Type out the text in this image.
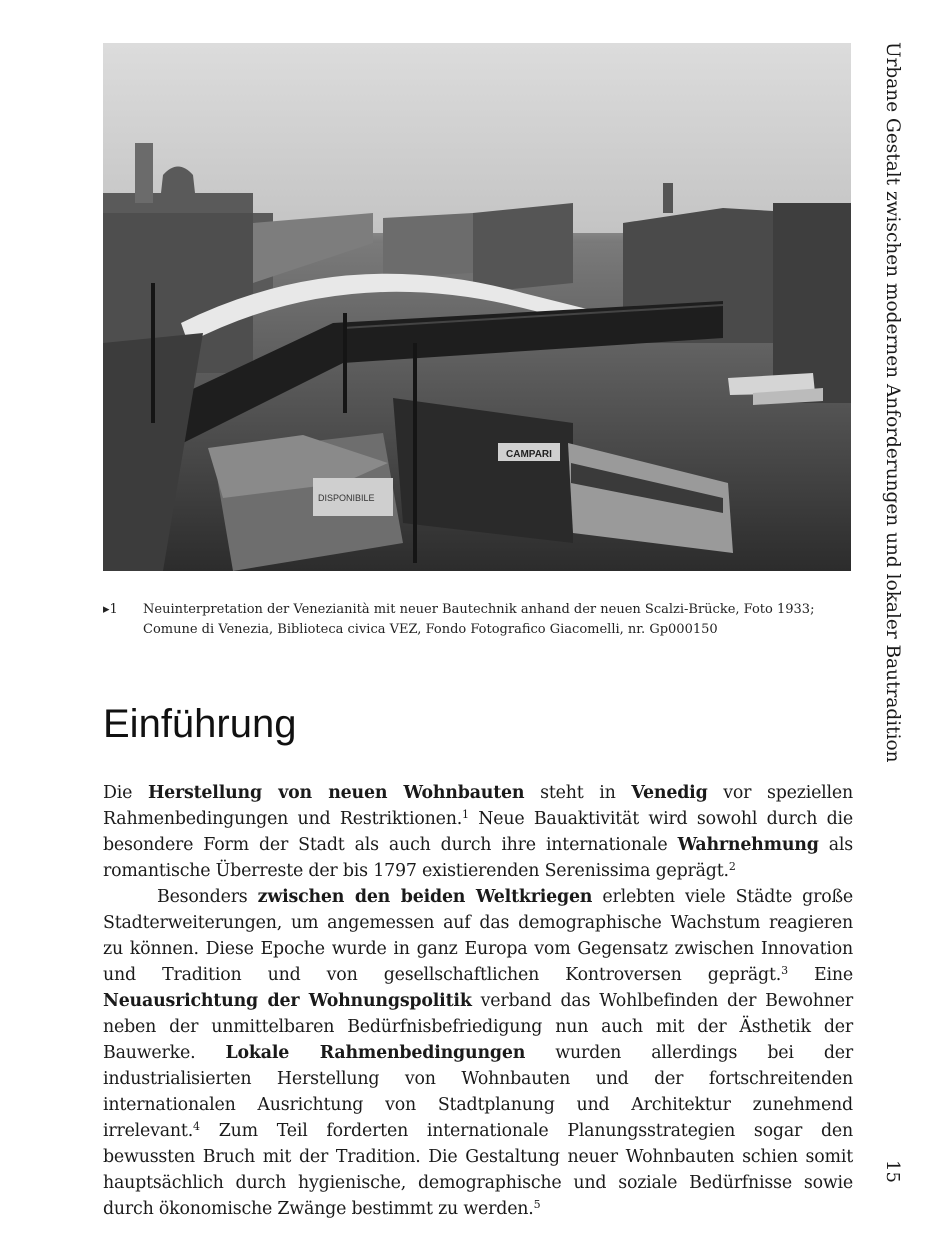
CAMPARI
DISPONIBILE
▸1	Neuinterpretation der Venezianità mit neuer Bautechnik anhand der neuen Scalzi-Brücke, Foto 1933;
Comune di Venezia, Biblioteca civica VEZ, Fondo Fotografico Giacomelli, nr. Gp000150
Einführung

Die Herstellung von neuen Wohnbauten steht in Venedig vor speziellen Rahmenbedingungen und Restriktionen.$^1$ Neue Bauaktivität wird sowohl durch die besondere Form der Stadt als auch durch ihre internationale Wahrnehmung als romantische Überreste der bis 1797 existierenden Serenissima geprägt.$^2$

Besonders zwischen den beiden Weltkriegen erlebten viele Städte große Stadterweiterungen, um angemessen auf das demographische Wachstum reagieren zu können. Diese Epoche wurde in ganz Europa vom Gegensatz zwischen Innovation und Tradition und von gesellschaftlichen Kontroversen geprägt.$^3$ Eine Neuausrichtung der Wohnungspolitik verband das Wohlbefinden der Bewohner neben der unmittelbaren Bedürfnisbefriedigung nun auch mit der Ästhetik der Bauwerke. Lokale Rahmenbedingungen wurden allerdings bei der industrialisierten Herstellung von Wohnbauten und der fortschreitenden internationalen Ausrichtung von Stadtplanung und Architektur zunehmend irrelevant.$^4$ Zum Teil forderten internationale Planungsstrategien sogar den bewussten Bruch mit der Tradition. Die Gestaltung neuer Wohnbauten schien somit hauptsächlich durch hygienische, demographische und soziale Bedürfnisse sowie durch ökonomische Zwänge bestimmt zu werden.$^5$

Urbane Gestalt zwischen modernen Anforderungen und lokaler Bautradition
15
